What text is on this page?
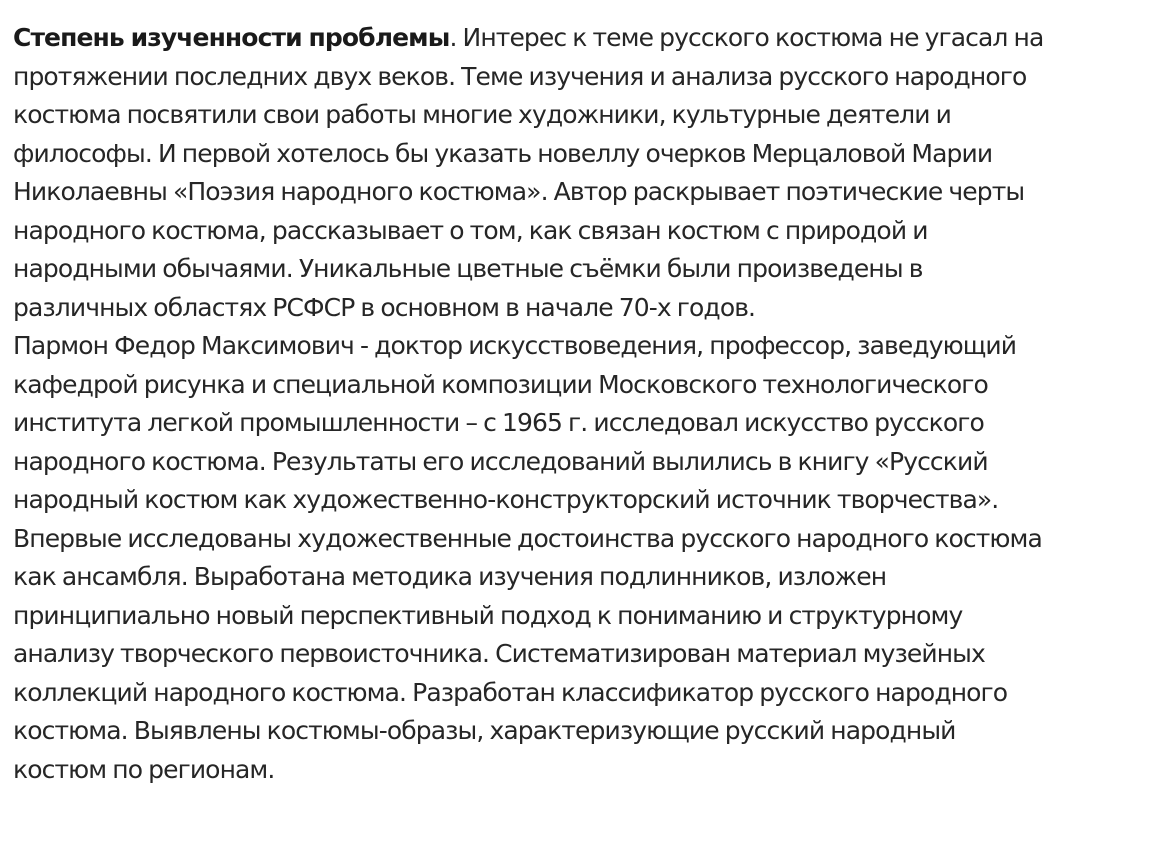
Степень изученности проблемы. Интерес к теме русского костюма не угасал на
протяжении последних двух веков. Теме изучения и анализа русского народного
костюма посвятили свои работы многие художники, культурные деятели и
философы. И первой хотелось бы указать новеллу очерков Мерцаловой Марии
Николаевны «Поэзия народного костюма». Автор раскрывает поэтические черты
народного костюма, рассказывает о том, как связан костюм с природой и
народными обычаями. Уникальные цветные съёмки были произведены в
различных областях РСФСР в основном в начале 70-х годов.
Пармон Федор Максимович - доктор искусствоведения, профессор, заведующий
кафедрой рисунка и специальной композиции Московского технологического
института легкой промышленности – с 1965 г. исследовал искусство русского
народного костюма. Результаты его исследований вылились в книгу «Русский
народный костюм как художественно-конструкторский источник творчества».
Впервые исследованы художественные достоинства русского народного костюма
как ансамбля. Выработана методика изучения подлинников, изложен
принципиально новый перспективный подход к пониманию и структурному
анализу творческого первоисточника. Систематизирован материал музейных
коллекций народного костюма. Разработан классификатор русского народного
костюма. Выявлены костюмы-образы, характеризующие русский народный
костюм по регионам.
